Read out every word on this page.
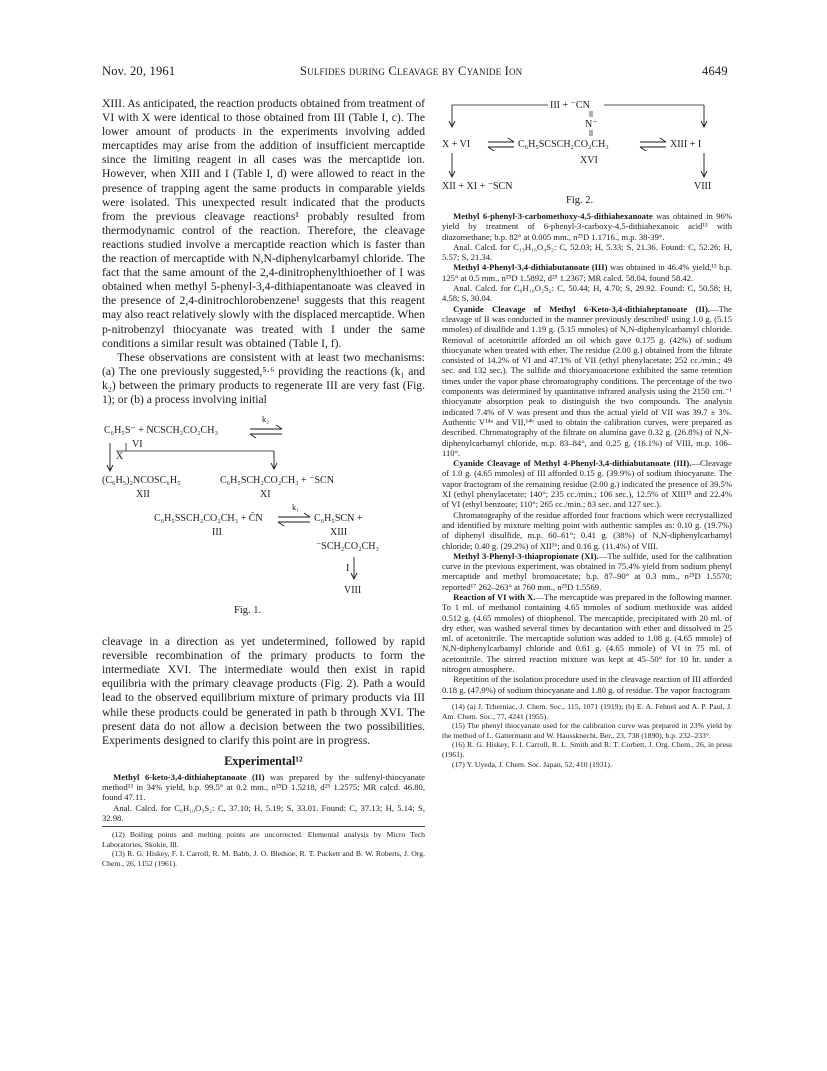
Nov. 20, 1961	Sulfides during Cleavage by Cyanide Ion	4649

XIII. As anticipated, the reaction products obtained from treatment of VI with X were identical to those obtained from III (Table I, c). The lower amount of products in the experiments involving added mercaptides may arise from the addition of insufficient mercaptide since the limiting reagent in all cases was the mercaptide ion. However, when XIII and I (Table I, d) were allowed to react in the presence of trapping agent the same products in comparable yields were isolated. This unexpected result indicated that the products from the previous cleavage reactions¹ probably resulted from thermodynamic control of the reaction. Therefore, the cleavage reactions studied involve a mercaptide reaction which is faster than the reaction of mercaptide with N,N-diphenylcarbamyl chloride. The fact that the same amount of the 2,4-dinitrophenylthioether of I was obtained when methyl 5-phenyl-3,4-dithiapentanoate was cleaved in the presence of 2,4-dinitrochlorobenzene¹ suggests that this reagent may also react relatively slowly with the displaced mercaptide. When p-nitrobenzyl thiocyanate was treated with I under the same conditions a similar result was obtained (Table I, f).

These observations are consistent with at least two mechanisms: (a) The one previously suggested,⁵·⁶ providing the reactions (k₁ and k₂) between the primary products to regenerate III are very fast (Fig. 1); or (b) a process involving initial

C₆H₅S⁻ + NCSCH₂CO₂CH₃
k₂
X
VI
(C₆H₅)₂NCOSC₆H₅	C₆H₅SCH₂CO₂CH₃ + ⁻SCN
XII	XI
k₁
C₆H₅SSCH₂CO₂CH₃ + C̄N	C₆H₅SCN +
III	XIII
⁻SCH₂CO₂CH₃
I
VIII
Fig. 1.

cleavage in a direction as yet undetermined, followed by rapid reversible recombination of the primary products to form the intermediate XVI. The intermediate would then exist in rapid equilibria with the primary cleavage products (Fig. 2). Path a would lead to the observed equilibrium mixture of primary products via III while these products could be generated in path b through XVI. The present data do not allow a decision between the two possibilities. Experiments designed to clarify this point are in progress.

Experimental¹²

Methyl 6-keto-3,4-dithiaheptanoate (II) was prepared by the sulfenyl-thiocyanate method¹³ in 34% yield, b.p. 99.5° at 0.2 mm., n²⁵D 1.5218, d²⁵ 1.2575; MR calcd. 46.80, found 47.11.

Anal. Calcd. for C₆H₁₀O₃S₂: C, 37.10; H, 5.19; S, 33.01. Found: C, 37.13; H, 5.14; S, 32.98.

(12) Boiling points and melting points are uncorrected. Elemental analysis by Micro Tech Laboratories, Skokie, Ill.

(13) R. G. Hiskey, F. I. Carroll, R. M. Babb, J. O. Bledsoe, R. T. Puckett and B. W. Roberts, J. Org. Chem., 26, 1152 (1961).

III + ⁻CN
N⁻
X + VI	C₆H₅SCSCH₂CO₂CH₃	XIII + I
XVI
XII + XI + ⁻SCN	VIII
Fig. 2.

Methyl 6-phenyl-3-carbomethoxy-4,5-dithiahexanoate was obtained in 96% yield by treatment of 6-phenyl-3-carboxy-4,5-dithiahexanoic acid¹³ with diazomethane; b.p. 82° at 0.005 mm., n²⁵D 1.1716., m.p. 38-39°.

Anal. Calcd. for C₁₃H₁₆O₄S₂: C, 52.03; H, 5.33; S, 21.36. Found: C, 52.26; H, 5.57; S, 21.34.

Methyl 4-Phenyl-3,4-dithiabutanoate (III) was obtained in 46.4% yield,¹³ b.p. 125° at 0.5 mm., n²⁵D 1.5892, d²⁵ 1.2367; MR calcd. 58.04, found 58.42.

Anal. Calcd. for C₉H₁₀O₂S₂: C, 50.44; H, 4.70; S, 29.92. Found: C, 50.58; H, 4.58; S, 30.04.

Cyanide Cleavage of Methyl 6-Keto-3,4-dithiaheptanoate (II).—The cleavage of II was conducted in the manner previously described¹ using 1.0 g. (5.15 mmoles) of disulfide and 1.19 g. (5.15 mmoles) of N,N-diphenylcarbamyl chloride. Removal of acetonitrile afforded an oil which gave 0.175 g. (42%) of sodium thiocyanate when treated with ether. The residue (2.00 g.) obtained from the filtrate consisted of 14.2% of VI and 47.1% of VII (ethyl phenylacetate; 252 cc./min.; 49 sec. and 132 sec.). The sulfide and thiocyanoacetone exhibited the same retention times under the vapor phase chromatography conditions. The percentage of the two components was determined by quantitative infrared analysis using the 2150 cm.⁻¹ thiocyanate absorption peak to distinguish the two compounds. The analysis indicated 7.4% of V was present and thus the actual yield of VII was 39.7 ± 3%. Authentic V¹⁴ᵃ and VII,¹⁴ᵇ used to obtain the calibration curves, were prepared as described. Chromatography of the filtrate on alumina gave 0.32 g. (26.8%) of N,N-diphenylcarbamyl chloride, m.p. 83–84°, and 0.25 g. (16.1%) of VIII, m.p. 106–110°.

Cyanide Cleavage of Methyl 4-Phenyl-3,4-dithiabutanoate (III).—Cleavage of 1.0 g. (4.65 mmoles) of III afforded 0.15 g. (39.9%) of sodium thiocyanate. The vapor fractogram of the remaining residue (2.00 g.) indicated the presence of 39.5% XI (ethyl phenylacetate; 140°; 235 cc./min.; 106 sec.), 12.5% of XIII¹⁵ and 22.4% of VI (ethyl benzoate; 110°; 265 cc./min.; 83 sec. and 127 sec.).

Chromatography of the residue afforded four fractions which were recrystallized and identified by mixture melting point with authentic samples as: 0.10 g. (19.7%) of diphenyl disulfide, m.p. 60–61°; 0.41 g. (38%) of N,N-diphenylcarbamyl chloride; 0.40 g. (29.2%) of XII¹⁶; and 0.16 g. (11.4%) of VIII.

Methyl 3-Phenyl-3-thiapropionate (XI).—The sulfide, used for the calibration curve in the previous experiment, was obtained in 75.4% yield from sodium phenyl mercaptide and methyl bromoacetate; b.p. 87–90° at 0.3 mm., n²⁵D 1.5570; reported¹⁷ 262–263° at 760 mm., n²⁵D 1.5569.

Reaction of VI with X.—The mercaptide was prepared in the following manner. To 1 ml. of methanol containing 4.65 mmoles of sodium methoxide was added 0.512 g. (4.65 mmoles) of thiophenol. The mercaptide, precipitated with 20 ml. of dry ether, was washed several times by decantation with ether and dissolved in 25 ml. of acetonitrile. The mercaptide solution was added to 1.08 g. (4.65 mmole) of N,N-diphenylcarbamyl chloride and 0.61 g. (4.65 mmole) of VI in 75 ml. of acetonitrile. The stirred reaction mixture was kept at 45–50° for 10 hr. under a nitrogen atmosphere.

Repetition of the isolation procedure used in the cleavage reaction of III afforded 0.18 g. (47.9%) of sodium thiocyanate and 1.80 g. of residue. The vapor fractogram

(14) (a) J. Tcherniac, J. Chem. Soc., 115, 1071 (1919); (b) E. A. Fehnel and A. P. Paul, J. Am. Chem. Soc., 77, 4241 (1955).

(15) The phenyl thiocyanate used for the calibration curve was prepared in 23% yield by the method of L. Gattermann and W. Haussknecht, Ber., 23, 738 (1890), b.p. 232–233°.

(16) R. G. Hiskey, F. I. Carroll, R. L. Smith and R. T. Corbett, J. Org. Chem., 26, in press (1961).

(17) Y. Uyeda, J. Chem. Soc. Japan, 52, 410 (1931).
